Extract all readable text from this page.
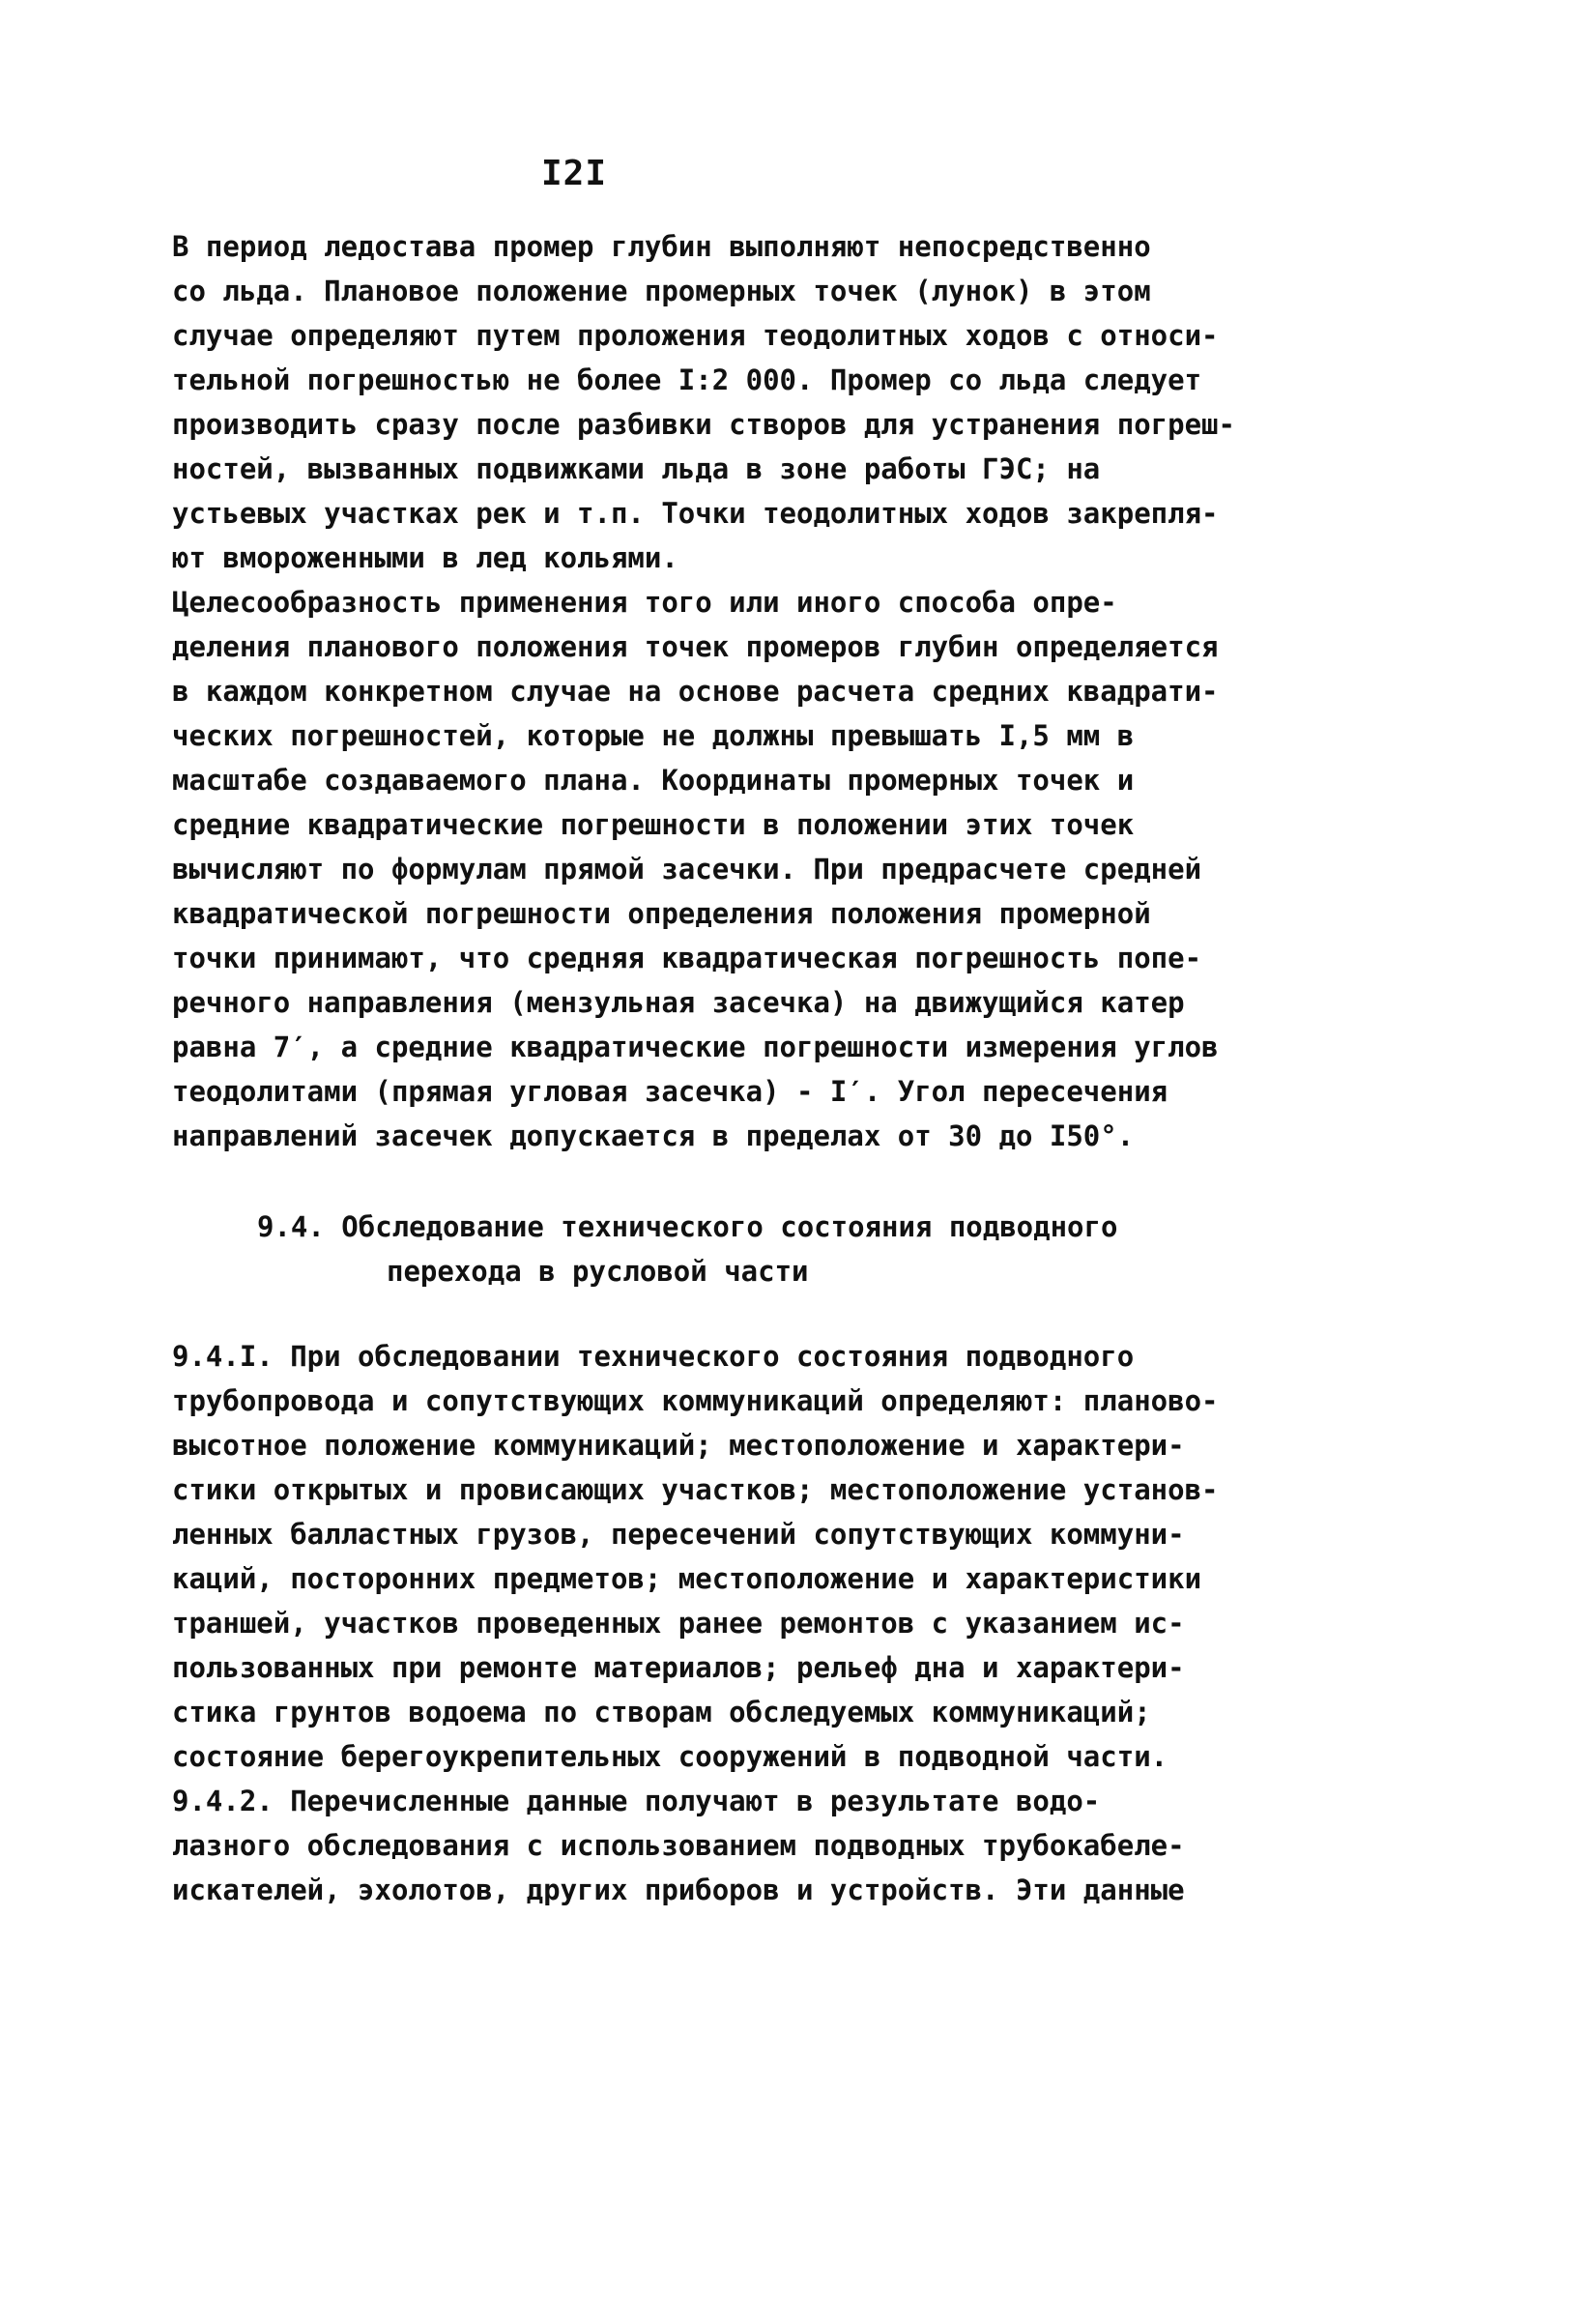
I2I
В период ледостава промер глубин выполняют непосредственно
со льда. Плановое положение промерных точек (лунок) в этом
случае определяют путем проложения теодолитных ходов с относи-
тельной погрешностью не более I:2 000. Промер со льда следует
производить сразу после разбивки створов для устранения погреш-
ностей, вызванных подвижками льда в зоне работы ГЭС; на
устьевых участках рек и т.п. Точки теодолитных ходов закрепля-
ют вмороженными в лед кольями.
Целесообразность применения того или иного способа опре-
деления планового положения точек промеров глубин определяется
в каждом конкретном случае на основе расчета средних квадрати-
ческих погрешностей, которые не должны превышать I,5 мм в
масштабе создаваемого плана. Координаты промерных точек и
средние квадратические погрешности в положении этих точек
вычисляют по формулам прямой засечки. При предрасчете средней
квадратической погрешности определения положения промерной
точки принимают, что средняя квадратическая погрешность попе-
речного направления (мензульная засечка) на движущийся катер
равна 7′, а средние квадратические погрешности измерения углов
теодолитами (прямая угловая засечка) - I′. Угол пересечения
направлений засечек допускается в пределах от 30 до I50°.
9.4. Обследование технического состояния подводного
перехода в русловой части
9.4.I. При обследовании технического состояния подводного
трубопровода и сопутствующих коммуникаций определяют: планово-
высотное положение коммуникаций; местоположение и характери-
стики открытых и провисающих участков; местоположение установ-
ленных балластных грузов, пересечений сопутствующих коммуни-
каций, посторонних предметов; местоположение и характеристики
траншей, участков проведенных ранее ремонтов с указанием ис-
пользованных при ремонте материалов; рельеф дна и характери-
стика грунтов водоема по створам обследуемых коммуникаций;
состояние берегоукрепительных сооружений в подводной части.
9.4.2. Перечисленные данные получают в результате водо-
лазного обследования с использованием подводных трубокабеле-
искателей, эхолотов, других приборов и устройств. Эти данные
